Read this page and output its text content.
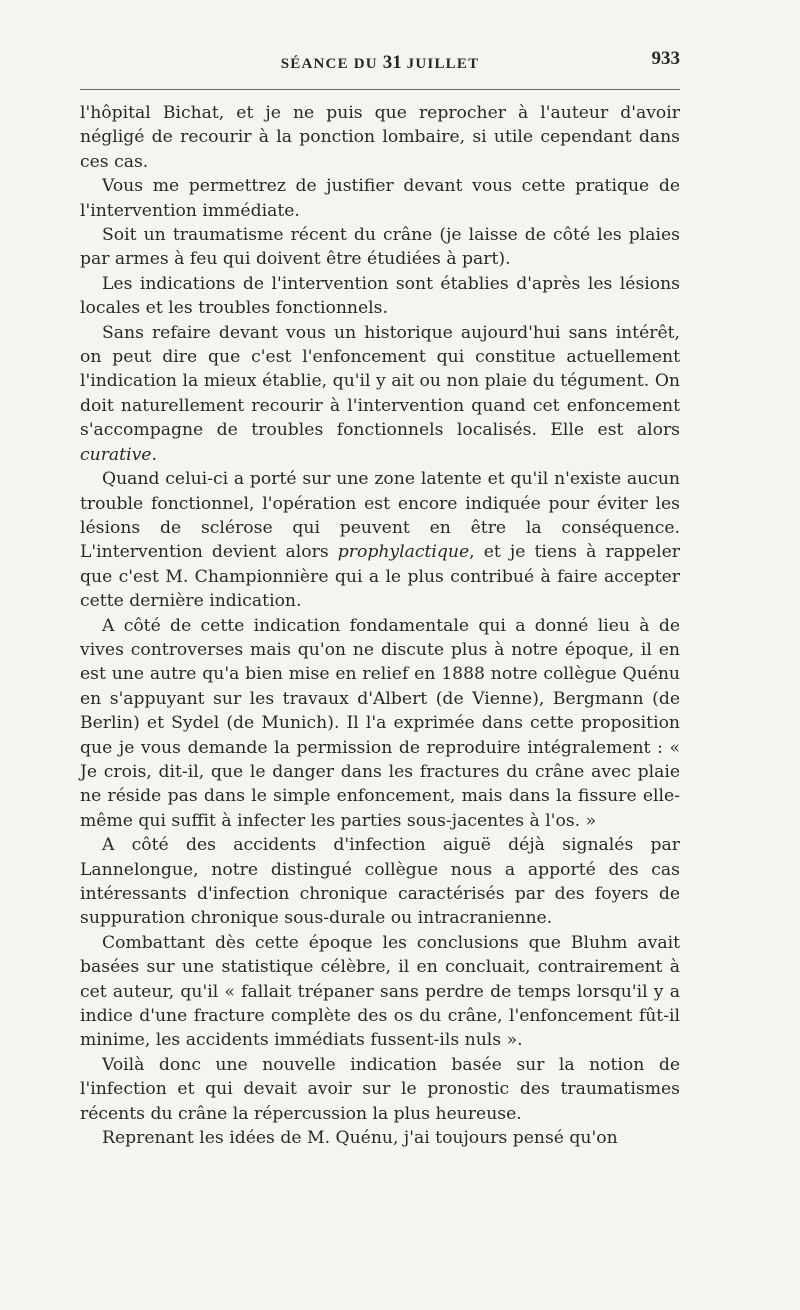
SÉANCE DU 31 JUILLET	933

l'hôpital Bichat, et je ne puis que reprocher à l'auteur d'avoir négligé de recourir à la ponction lombaire, si utile cependant dans ces cas.

Vous me permettrez de justifier devant vous cette pratique de l'intervention immédiate.

Soit un traumatisme récent du crâne (je laisse de côté les plaies par armes à feu qui doivent être étudiées à part).

Les indications de l'intervention sont établies d'après les lésions locales et les troubles fonctionnels.

Sans refaire devant vous un historique aujourd'hui sans intérêt, on peut dire que c'est l'enfoncement qui constitue actuellement l'indication la mieux établie, qu'il y ait ou non plaie du tégument. On doit naturellement recourir à l'intervention quand cet enfoncement s'accompagne de troubles fonctionnels localisés. Elle est alors curative.

Quand celui-ci a porté sur une zone latente et qu'il n'existe aucun trouble fonctionnel, l'opération est encore indiquée pour éviter les lésions de sclérose qui peuvent en être la conséquence. L'intervention devient alors prophylactique, et je tiens à rappeler que c'est M. Championnière qui a le plus contribué à faire accepter cette dernière indication.

A côté de cette indication fondamentale qui a donné lieu à de vives controverses mais qu'on ne discute plus à notre époque, il en est une autre qu'a bien mise en relief en 1888 notre collègue Quénu en s'appuyant sur les travaux d'Albert (de Vienne), Bergmann (de Berlin) et Sydel (de Munich). Il l'a exprimée dans cette proposition que je vous demande la permission de reproduire intégralement : « Je crois, dit-il, que le danger dans les fractures du crâne avec plaie ne réside pas dans le simple enfoncement, mais dans la fissure elle-même qui suffit à infecter les parties sous-jacentes à l'os. »

A côté des accidents d'infection aiguë déjà signalés par Lannelongue, notre distingué collègue nous a apporté des cas intéressants d'infection chronique caractérisés par des foyers de suppuration chronique sous-durale ou intracranienne.

Combattant dès cette époque les conclusions que Bluhm avait basées sur une statistique célèbre, il en concluait, contrairement à cet auteur, qu'il « fallait trépaner sans perdre de temps lorsqu'il y a indice d'une fracture complète des os du crâne, l'enfoncement fût-il minime, les accidents immédiats fussent-ils nuls ».

Voilà donc une nouvelle indication basée sur la notion de l'infection et qui devait avoir sur le pronostic des traumatismes récents du crâne la répercussion la plus heureuse.

Reprenant les idées de M. Quénu, j'ai toujours pensé qu'on
